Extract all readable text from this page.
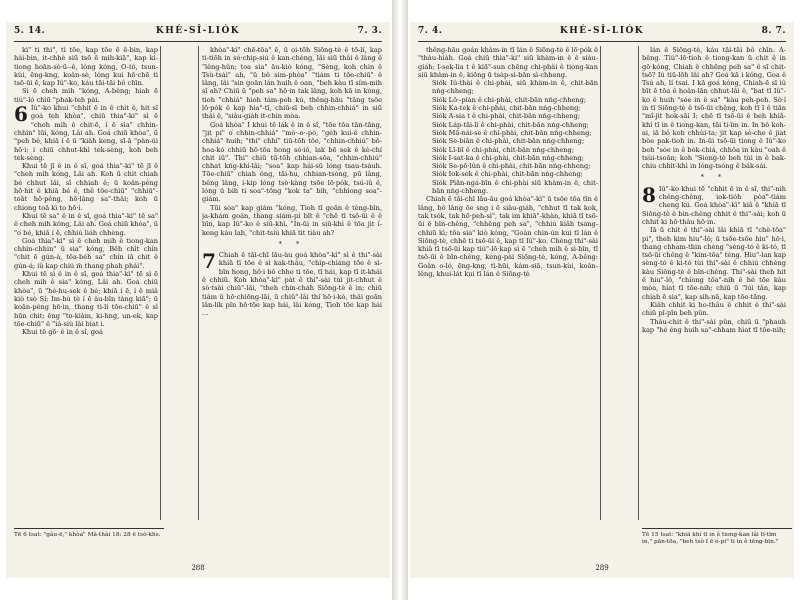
5. 14.	KHÉ-SÎ-LIÓK	7. 3.

kì" ti thi", ti tōe, kap tōe ē ē-bin, kap hái-bin, it-chhè siū tsō ē mih-kiā", kap kì-tiong hoān-sò·ū--ê, lóng kóng, O-tô, tsun-kùi, ēng-kng, koân-sè, lóng kui hō·chē ti tsō-ūi ē, kap Iû"-ko, káu tāi-tāi bô chīn.

Sì ē cheh mih "kóng, A-bêng; hiah ē tiú"-ló chiū "phak-teh pài.

6 Iû"-ko khui "chhit ē in ê chìt ê, hit sî goá teh khòa", chiū thia"-ki" sì ē "cheh mih ê chit-ē, í ē sia" chhin-chhin" lūi, kóng, Lâi ah. Goá chiū khòa", ū "peh bé, khiā í ē ū "kiâh keng, sī-ā "pàn-ŭi hō·i; i chiū chhut-khì tek-sèng, koh beh tek-sèng.

Khui tē jī ê in ê sî, goá thia"-ki" tē jī ê "cheh mih kóng, Lâi ah. Koh ū chit chiah bé chhut lâi, sī chhiah ê; ū koân-pêng hō·hit ê khiā bé ê, thê tōe-chiū" "chhiū"-toāt hō·pêng, hō·lâng sa"-thâi; koh ū chiong toā kì to hō·i.

Khui tē sa" ê in ê sî, goá thia"-ki" tē sa" ê cheh mih kóng, Lâi ah. Goá chiū khòa", ū "o͘ bé, khiā í ē, chhiú liáh chhèng.

Goá thia"-kì" sì ē cheh mih ê tiong-kan chhin-chhin" ū sia" kóng, Bêh chit chín "chit ē gún-á, tōa-béh sa" chín iā chit ê gún-á; iû kap chiú m̄ thang phah phái".

Khui tē sì ê in ê sî, goá thia"-kì" tē sì ē cheh mih ê sia" kóng, Lâi ah. Goá chiū khòa", ū "hé-hu-sek ê bé; khiā í ē, í ê miâ kiò tsò Sí; Im-hú tè í ē âu-bīn tàng kiā"; ū koān-pêng hō·in, thang ti-lí tōe-chiū" ê sì hūn chit; ēng "to-kiàm, ki-hng, un-ek, kap tōe-chiū" ê "iá-siù lâi biat i.

Khui tē gō· ê in ê sî, goá

khòa"-kì" chē-tōa" ē, ū oi-tōh Siōng-tè ê tō-lí, kap ti-tiōh in só·chip-siú ê kan-chèng, lâi siū thâi ê lâng ê "lêng-hûn; toa sia" āu-kiò kóng, "Sèng, koh chin ê Tsù-tsái" ah, "ū bô sim-phòa" "tiám ti tōe-chiū" ê lâng, lâi "sin goān lán huih ê oan, "beh kàu tī sím-mih sî ah? Chiū ū "peh sa" hō·in tak lâng, koh kā in kóng, tioh "chhiá" hioh tám-poh kú, thêng-hāu "tāng tsōe lō·pók ê kap hia"-tī, chiū-sī beh chhin-chhiá" in siū thâi ê, "siâu-giáh it-chin mòa.

Goá khòa" I khui tē lák ê in ê sî, "tōe tōa tān-tāng, "jit pí" o͘ chhin-chhiá" "mò·-o·-pò, "géh kui-ê chhin-chhiá" huih; "thi" chhí" tiū-tōh tōe, "chhin-chhiú" bô-hoa-kó chhiū hō·tōa hong só·iô, lak bē sek ê kè-chí chit iū". Thi" chiū tū-tōh chhian-sōa, "chhin-chhiú" chhat kńg-khí-lâi; "soa" kap hái-sū lóng tsau-tsáuh. Tōe-chiū" chiah ông, tāi-hu, chhian-tsóng, pū lâng, bêng lâng, í-kip lóng tsò·kàng tsōe lō·pók, tsú-iû ê, lóng ū bih ti soa"-tōng "kok ta" bih, "chhiong soa"-giám.

Tūi soa" kap giám "kóng, Tioh tī goān ê tèng-bīn, ja-khám goán, thang siám-pí bīt ê "chē tī tsō-ūi ê ê bīn, kap Iû"-ko ê siū-khì. "In-ūi in siū-khì ê tōa jit í-keng káu lah, "chit-tsiú khiā tit tiàu ah?

* *

7 Chiah ē tāi-chī lāu-àu goá khòa"-kì" sì ê thi"-sài khiā tī tōe ê sì kak-thâu, "chip-chiáng tōe ê sì-bīn hong, hō·i bô chhe ti tōe, tī hái, kap tī it-khái ê chhiū. Koh khòa"-kì" pàt ê thi"-sài tùi jit-chhut ê sò·tsài chiū"-lâi, "theh chin-cháh Siōng-tè ê in; chiū tiâm ū hō·chiōng-lāi, ū chiū"-lâi thí hō·i-kò, thâi goān lân-lik pīn hō·tōe kap hái, lâi kóng, Tioh tōe kap hái ...

Tē 6 tsat: "gâu-ē," khòa" Mâ-thài 18: 28 ē tsò-khs.
288
7. 4.	KHÉ-SÎ-LIÓK	8. 7.

thêng-hāu goán khàm-in tī lán ê Siōng-tè ê lō·pók ê "thàu-hiàh. Goá chiū thia"-ki" siū khàm-in ê ê siàu-giáh; I-sek-lia t ê kiā"-sun chēng chi-phài ê tiong-kan siū khàm-in ê, kiōng ū tsáp-sì-bān sì-chheng.

Siók Iû-thài ê chi-phài, siū khàm-in ê, chit-bān nńg-chheng;
Siók Lō·-piàn ê chi-phài, chit-bān nńg-chheng;
Siók Ka-tek ê chi-phài, chit-bān nńg-chheng;
Siók A-sia t ê chi-phài, chit-bān nńg-chheng;
Siók Láp-tāi-lí ê chi-phài, chit-bān nńg-chheng;
Siók Mā-nái-se ê chi-phài, chit-bān nńg-chheng;
Siók Se-biān ê chi-phài, chit-bān nńg-chheng;
Siók Lī-bī ê chi-phài, chit-bān nńg-chheng;
Siók I-sat-ka ê chi-phài, chit-bān nńg-chheng;
Siók Se-pō·lûn ê chi-phài, chit-bān nńg-chheng;
Siók Iok-sek ê chi-phài, chit-bān nńg-chheng;
Siók Piān-ngá-bīn ê chi-phài siū khàm-in ê, chit-bān nńg-chheng.

Chiah ē tāi-chī lāu-āu goá khòa"-kì" ū tsōe tōa tīn ê lâng, bô lâng ōe sng i ē siàu-giáh, "chhut tī tak kok, tak tsók, tak hō·peh-sì", tak im khiā"-khàn, khiā tī tsō-ūi ê bīn-chêng, "chhēng peh sa", "chhiú kiâh tsang-chhiū kì; tōa sia" kiò kóng, "Goán chin-ún kui tī lán ê Siōng-tè, chhē ti tsō-ūi ê, kap tī Iû"-ko. Chèng thi"-sài khiā tī tsō-ūi kap tiú"-lō·kap sì ē "cheh mih ê sì-bīn, tī tsō-ūi ê bīn-chêng, kèng-pài Siōng-tè, kóng, A-bêng: Goân o-ló, ēng-kng, tì-hūi, kám-siā, tsun-kùi, koân-lêng, khui-lát kui tī lán ê Siōng-tè

lán ê Siōng-tè, káu tāi-tāi bô chīn. A-bêng. Tiú"-lō·tioh ê tiong-kan ū chit ê in gō·kóng, Chiah ê chhēng peh sa" ê sī chit-tsō? Iû tiū-lōh lâi ah? Goá kā i kóng, Goa ê Tsú ah, lí tsai. I kā goá kóng, Chiah-ē sī iû bīt ē tōa ê hoân-lān chhut-lâi ê, "bat tī Iû"-ko ê huih "sóe in ê sa" "kàu peh-peh. Sò·í in tī Siōng-tè ê tsō-ūi chêng, koh tī I ê tiān "mî-jit hok-sāi I; chē tī tsō-ūi ê beh khiā-khí tī in ê tiong-kan, tāi ti-īm in. In bô koh-ai, iā bô koh chhùi-ta; jit kap sè-che ê jiat bòe pak-tioh in. In-ūi tsō-ūi tiong ê Iû"-ko beh "sóe in ê bòk-chiá, chhōa in kàu "oah ê tsùi-tsoān; koh "Siong-tè beh tùi in ê bak-chiu chhit-khì in lóng-tsóng ê bák-sái.

* *

8 Iû"-ko khui tē "chhit ē in ê sî, thi"-nih chêng-chêng, iok-tióh pòa"-tiám cheng kú. Goá khòa"-kì" kiâ ê "khiā tī Siōng-tè ê bin-chêng chhit ê thi"-sài; koh ū chhit ki hō·thâu hō·in.

Iā ū chit ê thi"-sài lâi khiā tī "chè-tōa" pi", theh kim hiu"-lô; ū tsōe-tsōe hiu" hō·i, thang chham-thin chèng "sèng-tó ê ki-tó, tī tsō-ūi chêng ê "kim-tōa" téng. Hiu"-lan kap sèng-tó ê ki-tó tùi thi"-sài ê chhiú chhèng kàu Siōng-tè ê bīn-chêng. Thi"-sài theh hit ê hiu"-lô, "chiong tōa"-nih ê hé tōe kàu mòa, hiat tī tōe-nih; chiū ū "lúi tân, kap chiah ē sia", kap sih-nā, kap tōe-tāng.

Kiâh chhit ki ho-thâu ê chhit ê thi"-sài chiū pī-pîn beh pûn.

Thâu-chit ê thi"-sài pûn, chiū ū "phauh kap "hé éng huih sa"-chham hiat tī tōe-nih;

Tē 15 tsat: "khiā khí tī in ê tiong-kan lâi tī-tīm in," pān-tōa, "beh tsò I ē ó-pi" ti in ê tēng-bīn."
289
